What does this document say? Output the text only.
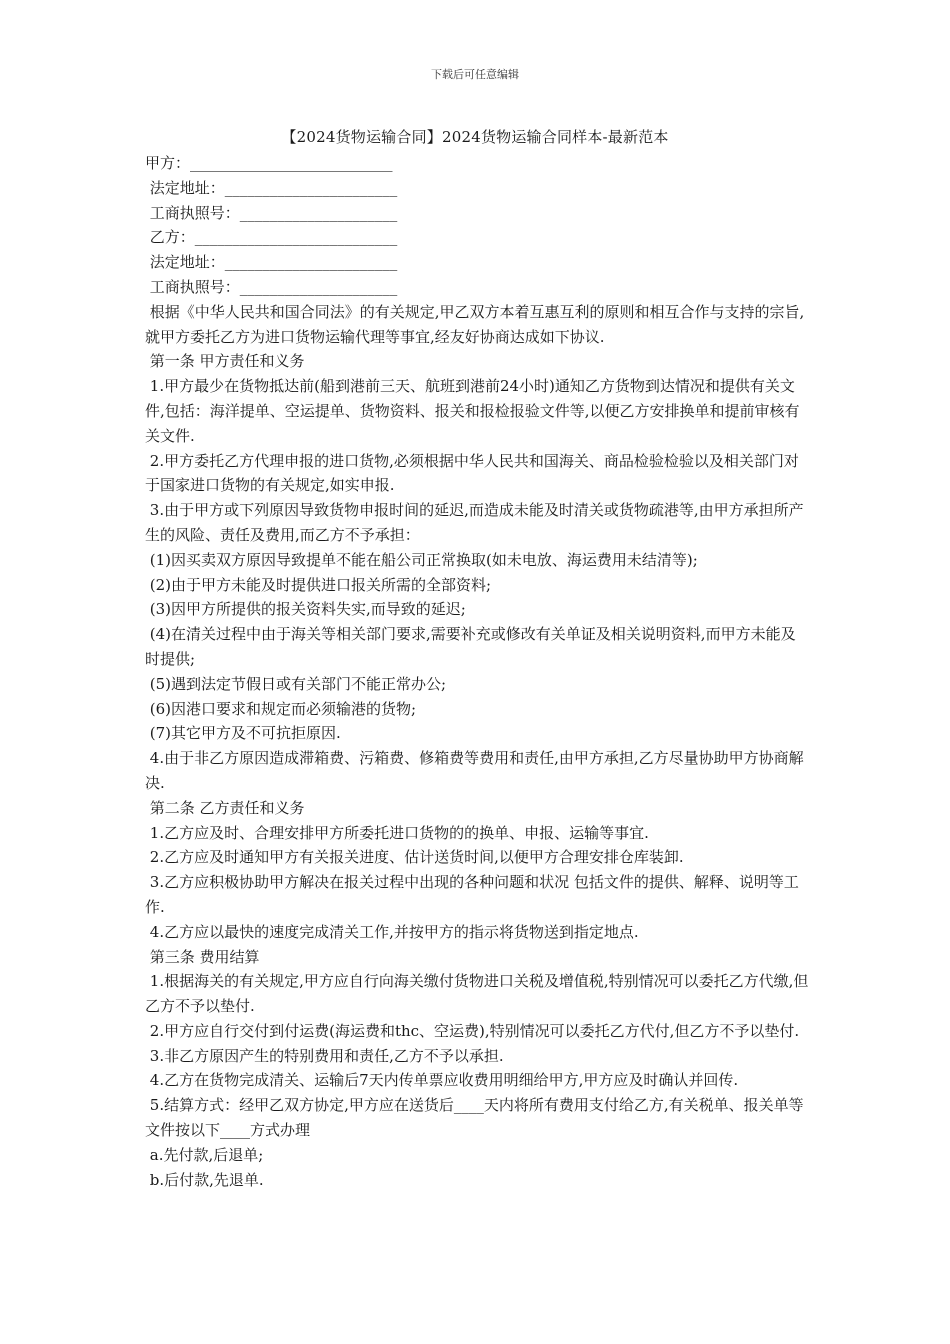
下载后可任意编辑
【2024货物运输合同】2024货物运输合同样本-最新范本

甲方：___________________________

法定地址：_______________________

工商执照号：_____________________

乙方：___________________________

法定地址：_______________________

工商执照号：_____________________

根据《中华人民共和国合同法》的有关规定,甲乙双方本着互惠互利的原则和相互合作与支持的宗旨,就甲方委托乙方为进口货物运输代理等事宜,经友好协商达成如下协议.

第一条 甲方责任和义务

1.甲方最少在货物抵达前(船到港前三天、航班到港前24小时)通知乙方货物到达情况和提供有关文件,包括：海洋提单、空运提单、货物资料、报关和报检报验文件等,以便乙方安排换单和提前审核有关文件.

2.甲方委托乙方代理申报的进口货物,必须根据中华人民共和国海关、商品检验检验以及相关部门对于国家进口货物的有关规定,如实申报.

3.由于甲方或下列原因导致货物申报时间的延迟,而造成未能及时清关或货物疏港等,由甲方承担所产生的风险、责任及费用,而乙方不予承担：

(1)因买卖双方原因导致提单不能在船公司正常换取(如未电放、海运费用未结清等);

(2)由于甲方未能及时提供进口报关所需的全部资料;

(3)因甲方所提供的报关资料失实,而导致的延迟;

(4)在清关过程中由于海关等相关部门要求,需要补充或修改有关单证及相关说明资料,而甲方未能及时提供;

(5)遇到法定节假日或有关部门不能正常办公;

(6)因港口要求和规定而必须输港的货物;

(7)其它甲方及不可抗拒原因.

4.由于非乙方原因造成滞箱费、污箱费、修箱费等费用和责任,由甲方承担,乙方尽量协助甲方协商解决.

第二条 乙方责任和义务

1.乙方应及时、合理安排甲方所委托进口货物的的换单、申报、运输等事宜.

2.乙方应及时通知甲方有关报关进度、估计送货时间,以便甲方合理安排仓库装卸.

3.乙方应积极协助甲方解决在报关过程中出现的各种问题和状况 包括文件的提供、解释、说明等工作.

4.乙方应以最快的速度完成清关工作,并按甲方的指示将货物送到指定地点.

第三条 费用结算

1.根据海关的有关规定,甲方应自行向海关缴付货物进口关税及增值税,特别情况可以委托乙方代缴,但乙方不予以垫付.

2.甲方应自行交付到付运费(海运费和thc、空运费),特别情况可以委托乙方代付,但乙方不予以垫付.

3.非乙方原因产生的特别费用和责任,乙方不予以承担.

4.乙方在货物完成清关、运输后7天内传单票应收费用明细给甲方,甲方应及时确认并回传.

5.结算方式：经甲乙双方协定,甲方应在送货后____天内将所有费用支付给乙方,有关税单、报关单等文件按以下____方式办理

a.先付款,后退单;

b.后付款,先退单.
